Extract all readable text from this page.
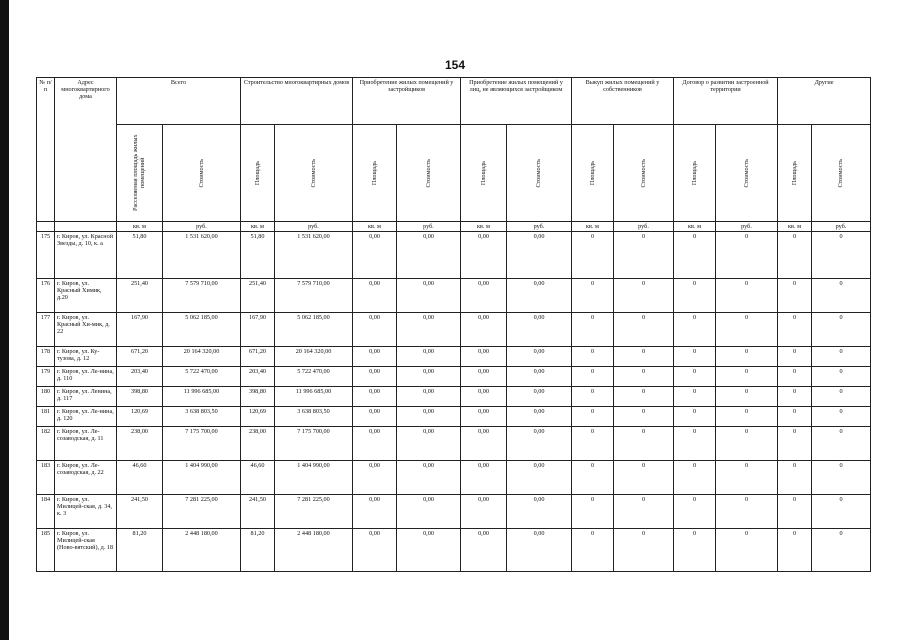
154
№ п/п	Адрес многоквартирного дома	Всего		Строительство многоквартирных домов		Приобретение жилых помещений у застройщиков		Приобретение жилых помещений у лиц, не являющихся застройщиком		Выкуп жилых помещений у собственников		Договор о развитии застроенной территории		Другие	

		Расселяемая площадь жилых помещений	Стоимость	Площадь	Стоимость	Площадь	Стоимость	Площадь	Стоимость	Площадь	Стоимость	Площадь	Стоимость	Площадь	Стоимость

		кв. м	руб.	кв. м	руб.	кв. м	руб.	кв. м	руб.	кв. м	руб.	кв. м	руб.	кв. м	руб.
175	г. Киров, ул. Красной Звезды, д. 10, к. а	51,80	1 531 620,00	51,80	1 531 620,00	0,00	0,00	0,00	0,00	0	0	0	0	0	0
176	г. Киров, ул. Красный Химик, д.20	251,40	7 579 710,00	251,40	7 579 710,00	0,00	0,00	0,00	0,00	0	0	0	0	0	0
177	г. Киров, ул. Красный Хи-мик, д. 22	167,90	5 062 185,00	167,90	5 062 185,00	0,00	0,00	0,00	0,00	0	0	0	0	0	0
178	г. Киров, ул. Ку-тузова, д. 12	671,20	20 164 320,00	671,20	20 164 320,00	0,00	0,00	0,00	0,00	0	0	0	0	0	0
179	г. Киров, ул. Ле-нина, д. 110	203,40	5 722 470,00	203,40	5 722 470,00	0,00	0,00	0,00	0,00	0	0	0	0	0	0
180	г. Киров, ул. Ленина, д. 117	398,80	11 996 685,00	398,80	11 996 685,00	0,00	0,00	0,00	0,00	0	0	0	0	0	0
181	г. Киров, ул. Ле-нина, д. 120	120,69	3 638 803,50	120,69	3 638 803,50	0,00	0,00	0,00	0,00	0	0	0	0	0	0
182	г. Киров, ул. Ле-созаводская, д. 11	238,00	7 175 700,00	238,00	7 175 700,00	0,00	0,00	0,00	0,00	0	0	0	0	0	0
183	г. Киров, ул. Ле-созаводская, д. 22	46,60	1 404 990,00	46,60	1 404 990,00	0,00	0,00	0,00	0,00	0	0	0	0	0	0
184	г. Киров, ул. Милицей-ская, д. 34, к. 3	241,50	7 281 225,00	241,50	7 281 225,00	0,00	0,00	0,00	0,00	0	0	0	0	0	0
185	г. Киров, ул. Милицей-ская (Ново-вятский), д. 18	81,20	2 448 180,00	81,20	2 448 180,00	0,00	0,00	0,00	0,00	0	0	0	0	0	0
